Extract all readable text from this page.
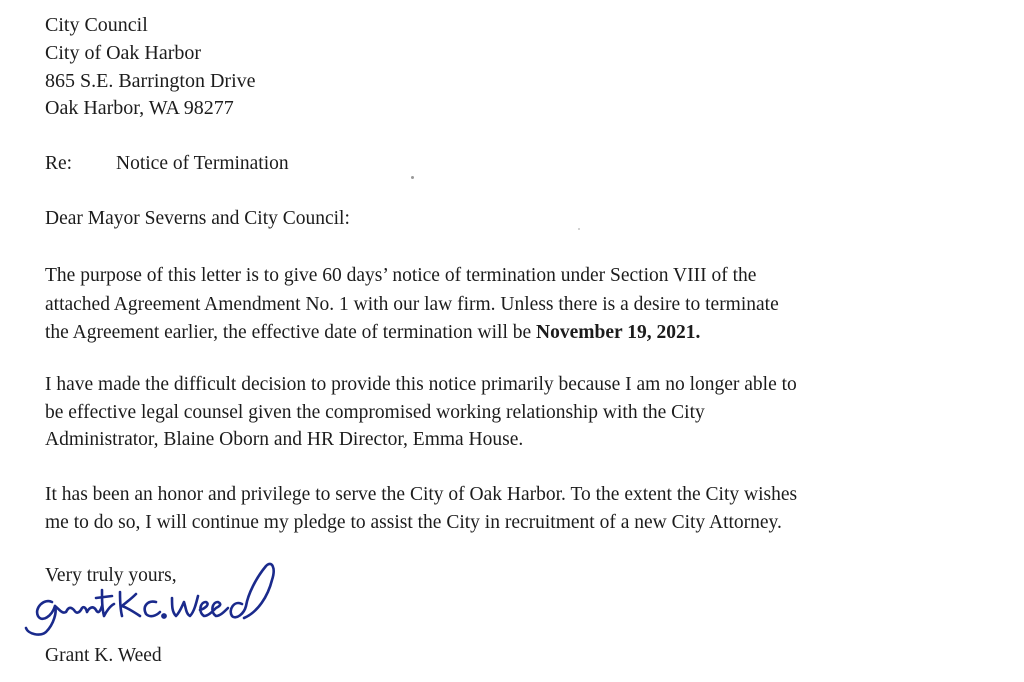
City Council
City of Oak Harbor
865 S.E. Barrington Drive
Oak Harbor, WA 98277
Re: Notice of Termination
Dear Mayor Severns and City Council:
The purpose of this letter is to give 60 days’ notice of termination under Section VIII of the
attached Agreement Amendment No. 1 with our law firm. Unless there is a desire to terminate
the Agreement earlier, the effective date of termination will be November 19, 2021.
I have made the difficult decision to provide this notice primarily because I am no longer able to
be effective legal counsel given the compromised working relationship with the City
Administrator, Blaine Oborn and HR Director, Emma House.
It has been an honor and privilege to serve the City of Oak Harbor. To the extent the City wishes
me to do so, I will continue my pledge to assist the City in recruitment of a new City Attorney.
Very truly yours,
Grant K. Weed
